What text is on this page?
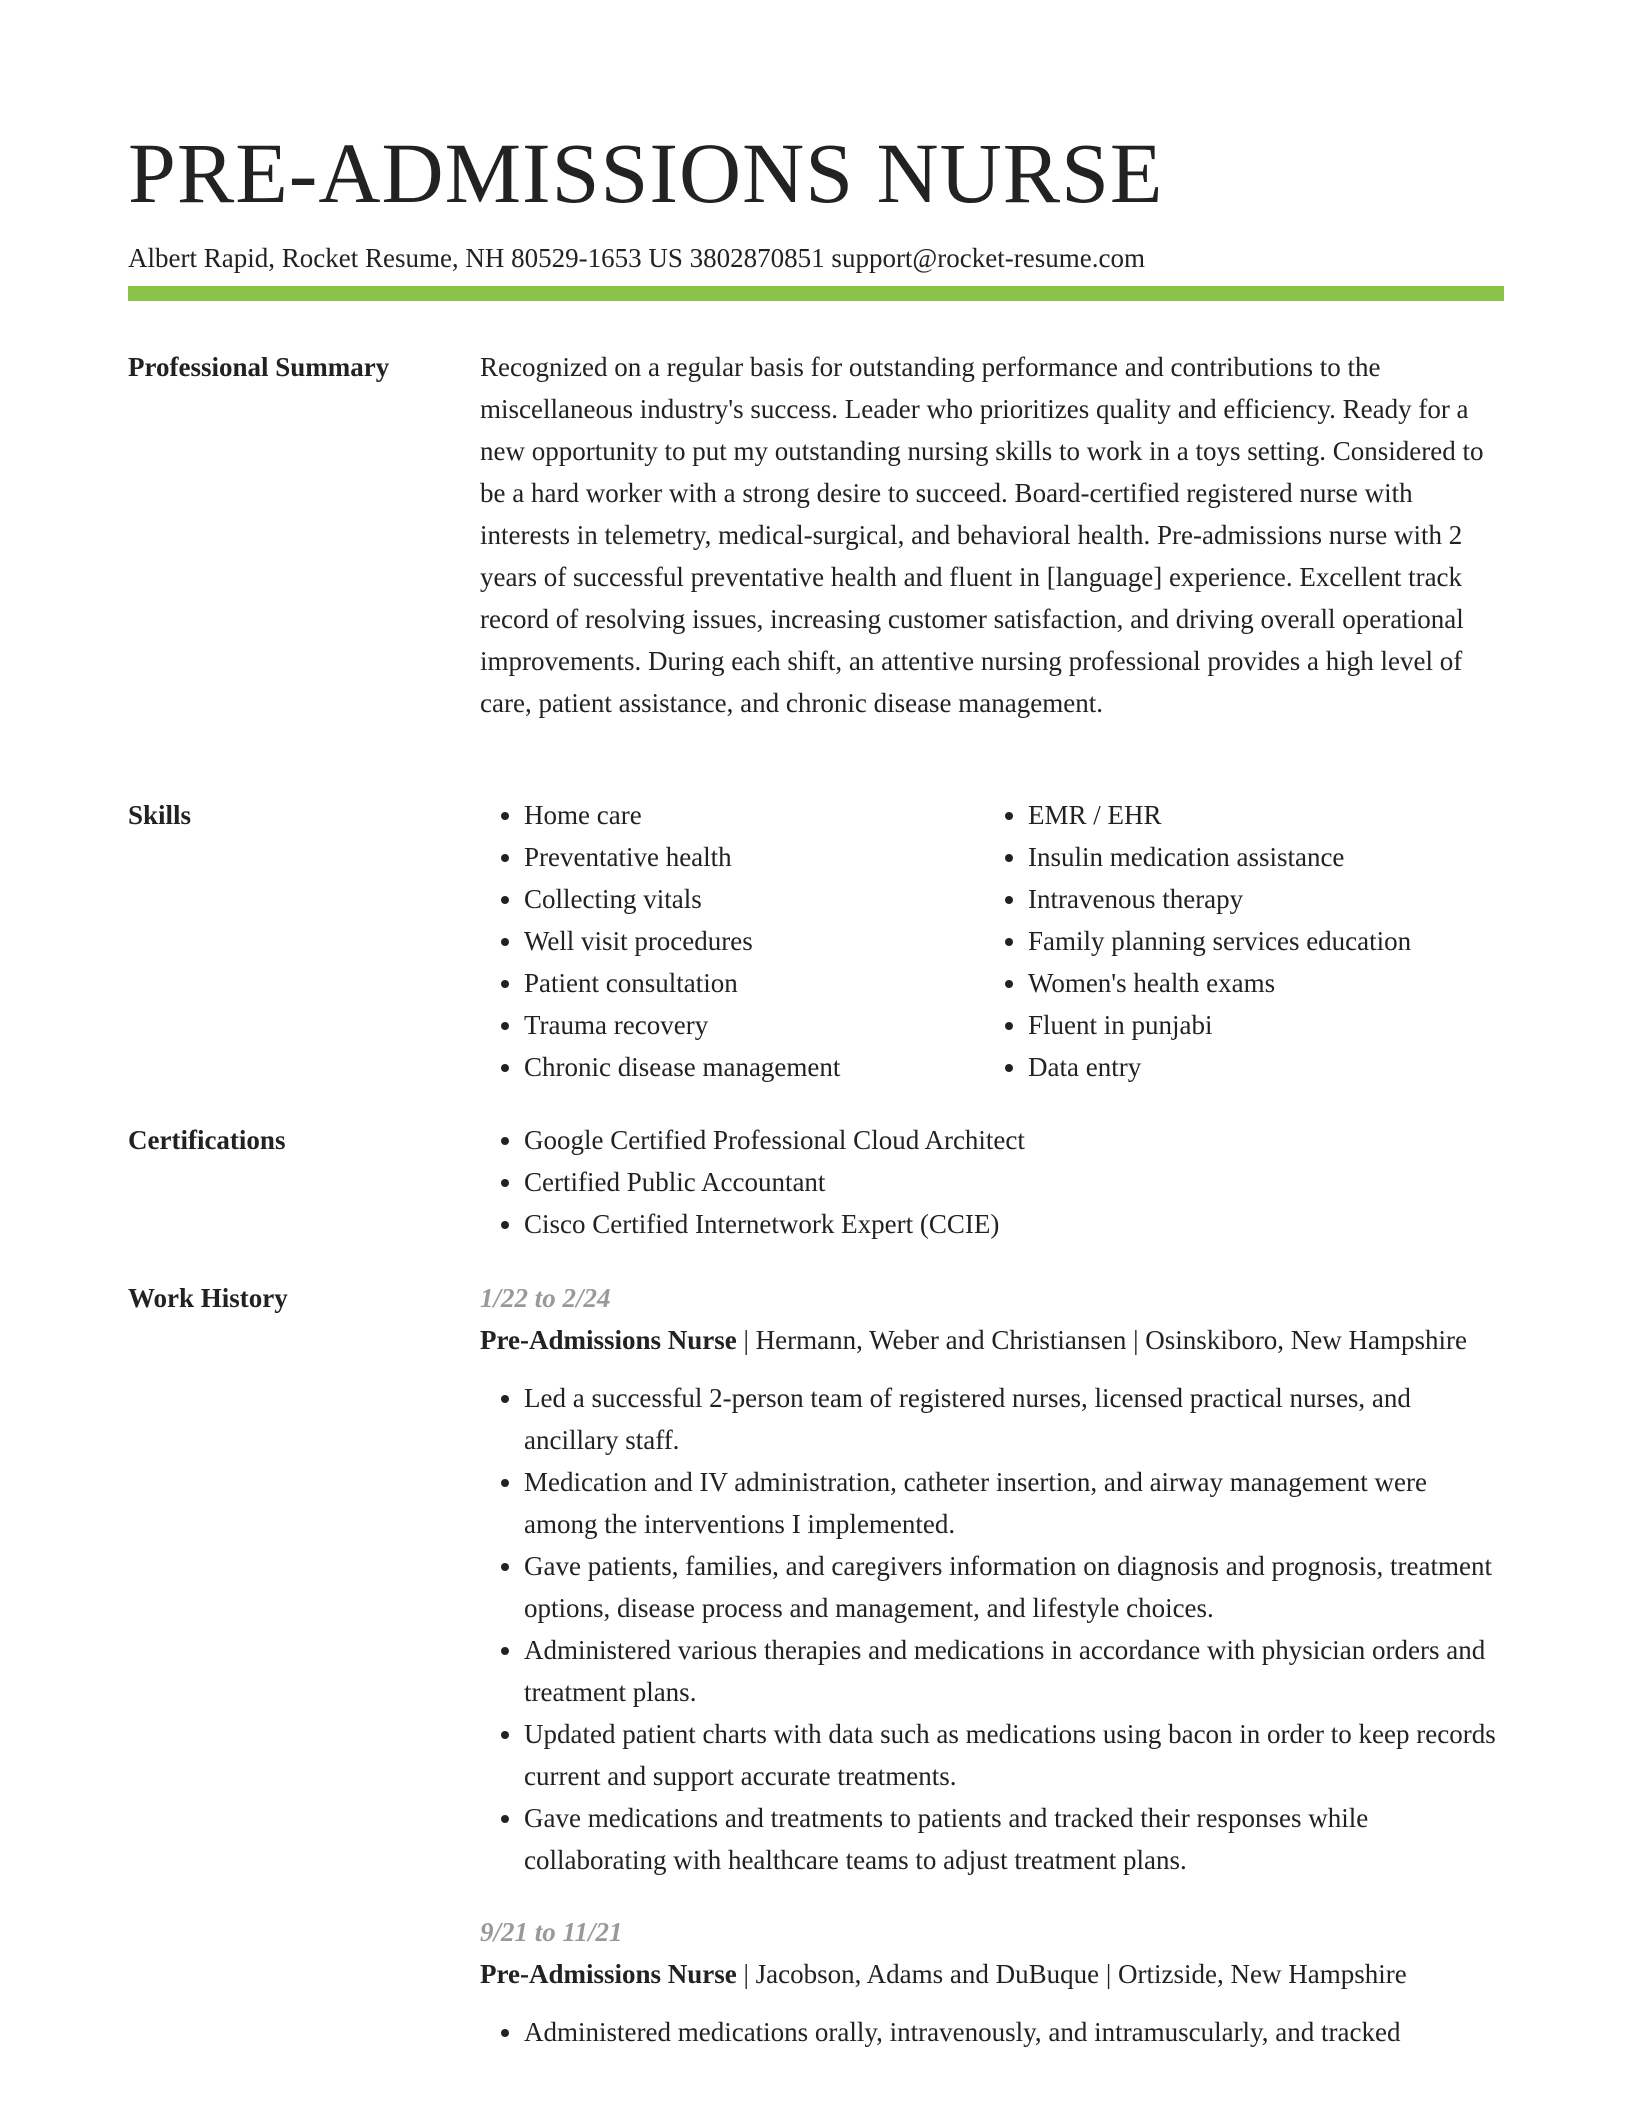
PRE-ADMISSIONS NURSE
Albert Rapid, Rocket Resume, NH 80529-1653 US 3802870851 support@rocket-resume.com
Professional Summary	Recognized on a regular basis for outstanding performance and contributions to the miscellaneous industry's success. Leader who prioritizes quality and efficiency. Ready for a new opportunity to put my outstanding nursing skills to work in a toys setting. Considered to be a hard worker with a strong desire to succeed. Board-certified registered nurse with interests in telemetry, medical-surgical, and behavioral health. Pre-admissions nurse with 2 years of successful preventative health and fluent in [language] experience. Excellent track record of resolving issues, increasing customer satisfaction, and driving overall operational improvements. During each shift, an attentive nursing professional provides a high level of care, patient assistance, and chronic disease management.

Skills	• Home care
• Preventative health
• Collecting vitals
• Well visit procedures
• Patient consultation
• Trauma recovery
• Chronic disease management
• EMR / EHR
• Insulin medication assistance
• Intravenous therapy
• Family planning services education
• Women's health exams
• Fluent in punjabi
• Data entry
Certifications	• Google Certified Professional Cloud Architect
• Certified Public Accountant
• Cisco Certified Internetwork Expert (CCIE)
Work History	1/22 to 2/24
Pre-Admissions Nurse | Hermann, Weber and Christiansen | Osinskiboro, New Hampshire
• Led a successful 2-person team of registered nurses, licensed practical nurses, and ancillary staff.
• Medication and IV administration, catheter insertion, and airway management were among the interventions I implemented.
• Gave patients, families, and caregivers information on diagnosis and prognosis, treatment options, disease process and management, and lifestyle choices.
• Administered various therapies and medications in accordance with physician orders and treatment plans.
• Updated patient charts with data such as medications using bacon in order to keep records current and support accurate treatments.
• Gave medications and treatments to patients and tracked their responses while collaborating with healthcare teams to adjust treatment plans.
9/21 to 11/21
Pre-Admissions Nurse | Jacobson, Adams and DuBuque | Ortizside, New Hampshire
• Administered medications orally, intravenously, and intramuscularly, and tracked
